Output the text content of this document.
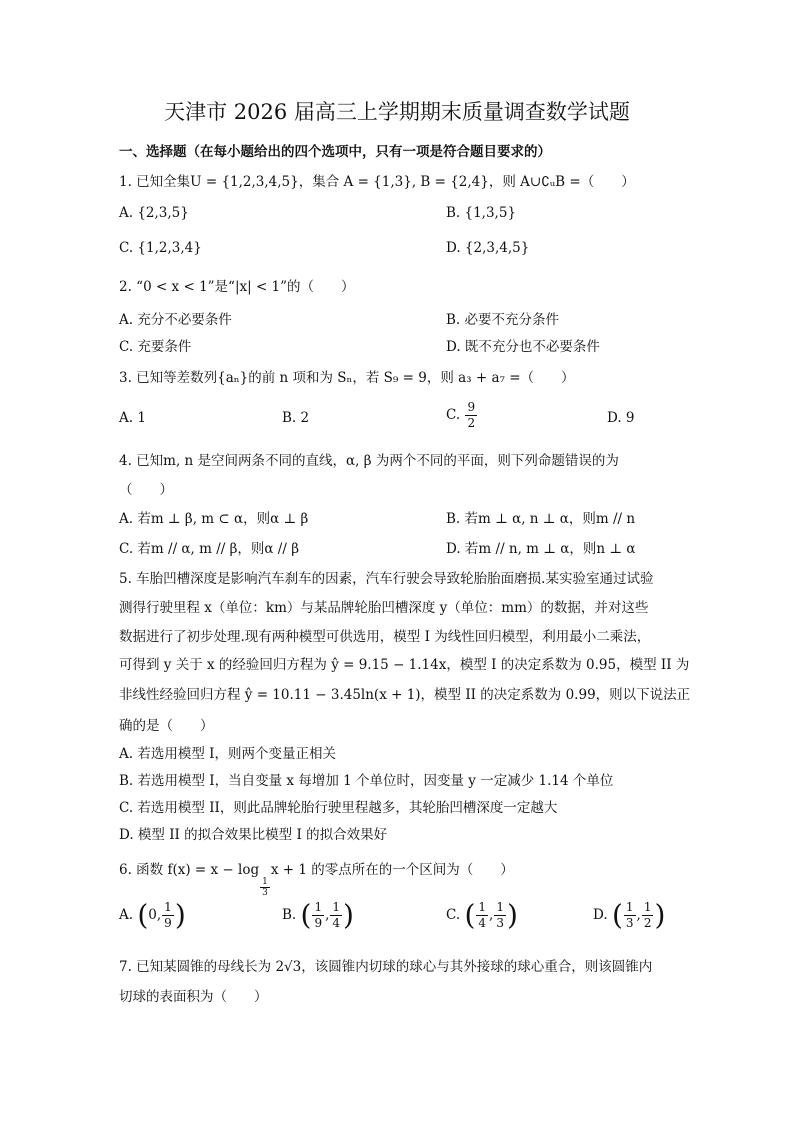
天津市 2026 届高三上学期期末质量调查数学试题
一、选择题（在每小题给出的四个选项中，只有一项是符合题目要求的）
1. 已知全集U = {1,2,3,4,5}，集合 A = {1,3}, B = {2,4}，则 A∪∁ᵤB =（　　）
A. {2,3,5}	B. {1,3,5}
C. {1,2,3,4}	D. {2,3,4,5}
2. “0 < x < 1”是“|x| < 1”的（　　）
A. 充分不必要条件	B. 必要不充分条件
C. 充要条件	D. 既不充分也不必要条件
3. 已知等差数列{aₙ}的前 n 项和为 Sₙ，若 S₉ = 9，则 a₃ + a₇ =（　　）
A. 1	B. 2	C. $\frac{9}{2}$	D. 9
4. 已知m, n 是空间两条不同的直线，α, β 为两个不同的平面，则下列命题错误的为
（　　）
A. 若m ⊥ β, m ⊂ α，则α ⊥ β	B. 若m ⊥ α, n ⊥ α，则m // n
C. 若m // α, m // β，则α // β	D. 若m // n, m ⊥ α，则n ⊥ α
5. 车胎凹槽深度是影响汽车刹车的因素，汽车行驶会导致轮胎胎面磨损.某实验室通过试验
测得行驶里程 x（单位：km）与某品牌轮胎凹槽深度 y（单位：mm）的数据，并对这些
数据进行了初步处理.现有两种模型可供选用，模型 I 为线性回归模型，利用最小二乘法，
可得到 y 关于 x 的经验回归方程为 ŷ = 9.15 − 1.14x，模型 I 的决定系数为 0.95，模型 II 为
非线性经验回归方程 ŷ = 10.11 − 3.45ln(x + 1)，模型 II 的决定系数为 0.99，则以下说法正
确的是（　　）
A. 若选用模型 I，则两个变量正相关
B. 若选用模型 I，当自变量 x 每增加 1 个单位时，因变量 y 一定减少 1.14 个单位
C. 若选用模型 II，则此品牌轮胎行驶里程越多，其轮胎凹槽深度一定越大
D. 模型 II 的拟合效果比模型 I 的拟合效果好
6. 函数 f(x) = x − log
$\frac{1}{3}$
x + 1 的零点所在的一个区间为（　　）
A. (0, $\frac{1}{9}$ )	B. ( $\frac{1}{9}$ , $\frac{1}{4}$ )	C. ( $\frac{1}{4}$ , $\frac{1}{3}$ )	D. ( $\frac{1}{3}$ , $\frac{1}{2}$ )
7. 已知某圆锥的母线长为 2√3，该圆锥内切球的球心与其外接球的球心重合，则该圆锥内
切球的表面积为（　　）
